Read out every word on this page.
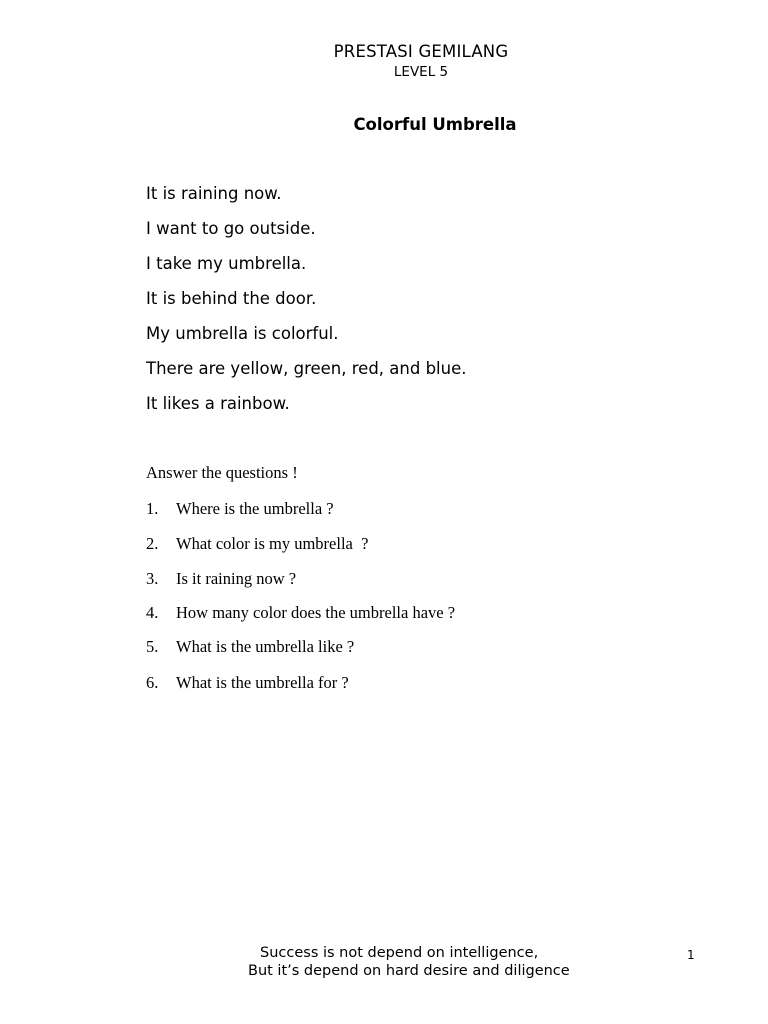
PRESTASI GEMILANG
LEVEL 5
Colorful Umbrella
It is raining now.
I want to go outside.
I take my umbrella.
It is behind the door.
My umbrella is colorful.
There are yellow, green, red, and blue.
It likes a rainbow.
Answer the questions !
1. Where is the umbrella ?
2. What color is my umbrella  ?
3. Is it raining now ?
4. How many color does the umbrella have ?
5. What is the umbrella like ?
6. What is the umbrella for ?
Success is not depend on intelligence,
But it’s depend on hard desire and diligence
1
